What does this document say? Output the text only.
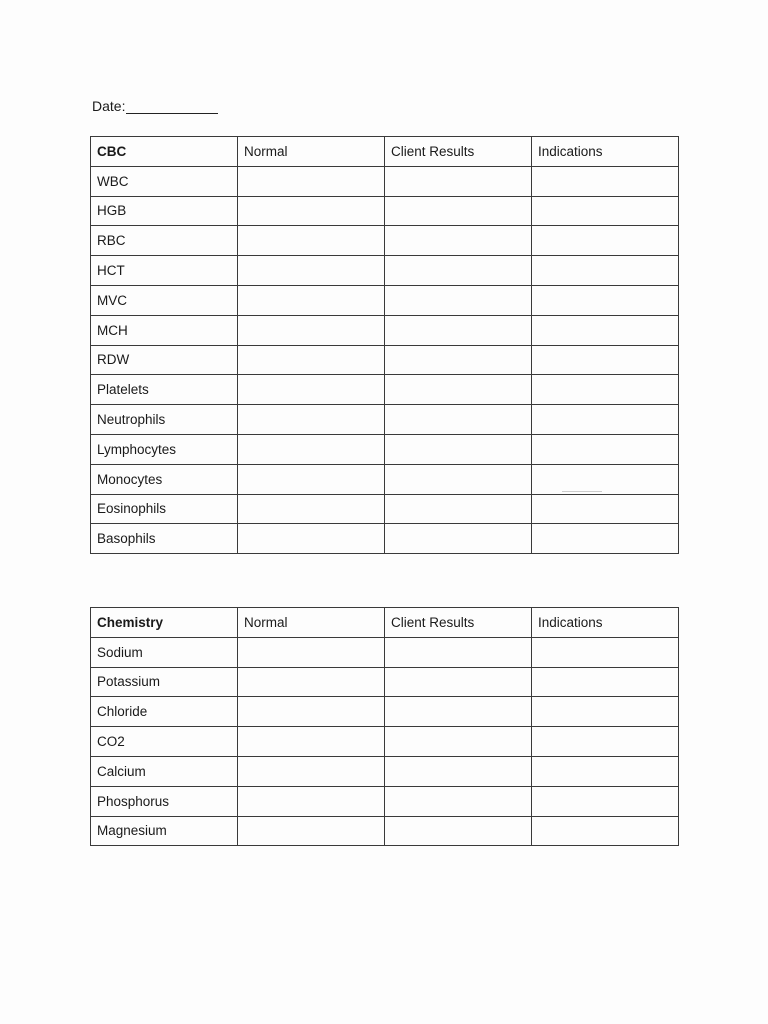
Date:
CBC	Normal	Client Results	Indications
WBC			
HGB			
RBC			
HCT			
MVC			
MCH			
RDW			
Platelets			
Neutrophils			
Lymphocytes			
Monocytes			
Eosinophils			
Basophils			
Chemistry	Normal	Client Results	Indications
Sodium			
Potassium			
Chloride			
CO2			
Calcium			
Phosphorus			
Magnesium			
